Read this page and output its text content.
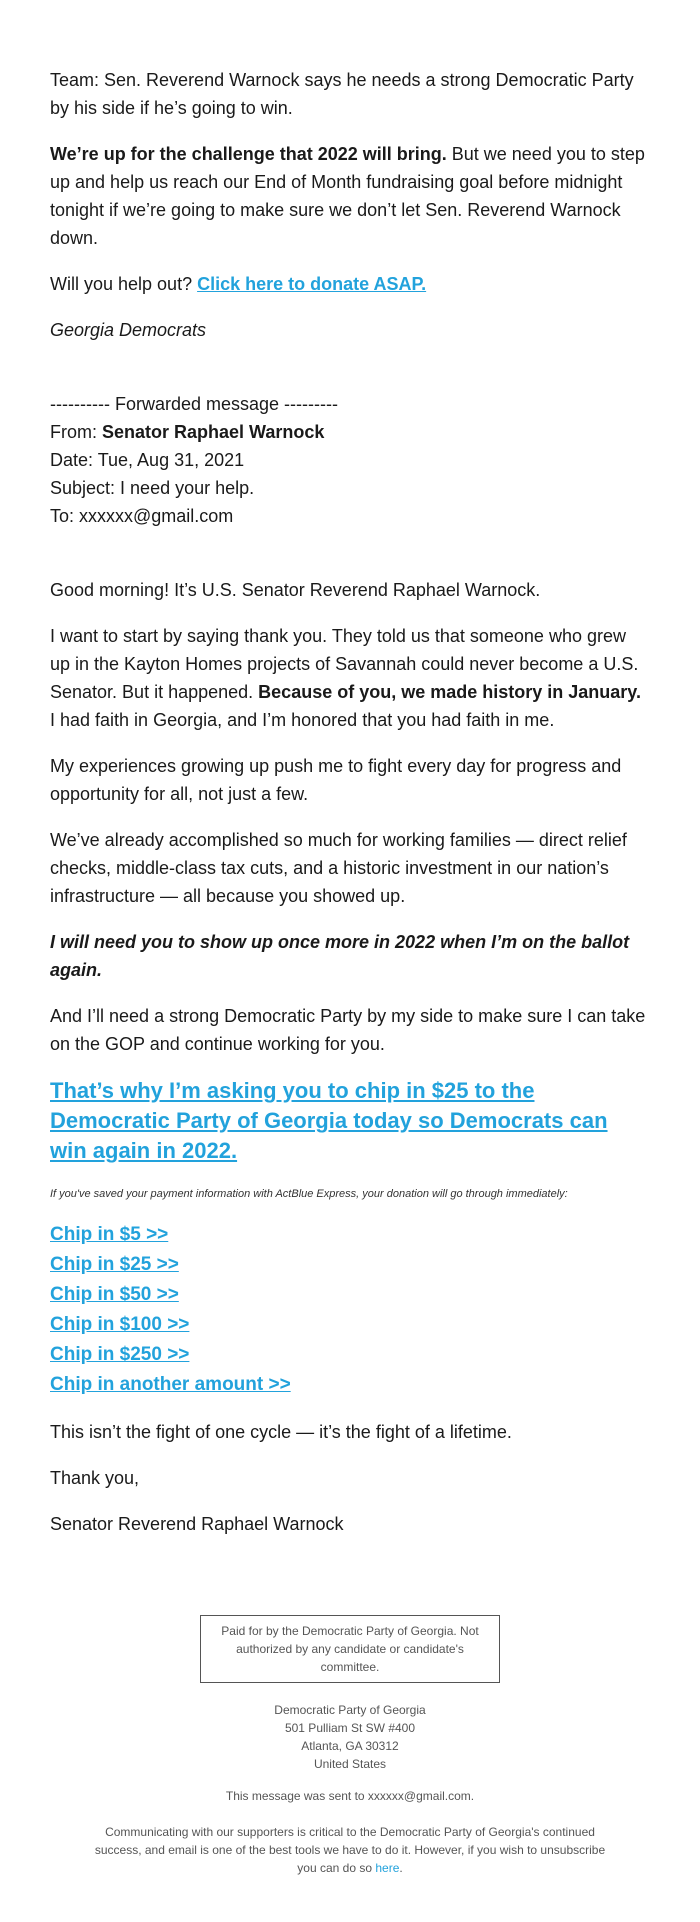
Team: Sen. Reverend Warnock says he needs a strong Democratic Party by his side if he’s going to win.

We’re up for the challenge that 2022 will bring. But we need you to step up and help us reach our End of Month fundraising goal before midnight tonight if we’re going to make sure we don’t let Sen. Reverend Warnock down.

Will you help out? Click here to donate ASAP.

Georgia Democrats

---------- Forwarded message ---------
From: Senator Raphael Warnock
Date: Tue, Aug 31, 2021
Subject: I need your help.
To: xxxxxx@gmail.com

Good morning! It’s U.S. Senator Reverend Raphael Warnock.

I want to start by saying thank you. They told us that someone who grew up in the Kayton Homes projects of Savannah could never become a U.S. Senator. But it happened. Because of you, we made history in January. I had faith in Georgia, and I’m honored that you had faith in me.

My experiences growing up push me to fight every day for progress and opportunity for all, not just a few.

We’ve already accomplished so much for working families — direct relief checks, middle-class tax cuts, and a historic investment in our nation’s infrastructure — all because you showed up.

I will need you to show up once more in 2022 when I’m on the ballot again.

And I’ll need a strong Democratic Party by my side to make sure I can take on the GOP and continue working for you.

That’s why I’m asking you to chip in $25 to the Democratic Party of Georgia today so Democrats can win again in 2022.

If you've saved your payment information with ActBlue Express, your donation will go through immediately:

Chip in $5 >>
Chip in $25 >>
Chip in $50 >>
Chip in $100 >>
Chip in $250 >>
Chip in another amount >>

This isn’t the fight of one cycle — it’s the fight of a lifetime.

Thank you,

Senator Reverend Raphael Warnock

Paid for by the Democratic Party of Georgia. Not authorized by any candidate or candidate's committee.
Democratic Party of Georgia
501 Pulliam St SW #400
Atlanta, GA 30312
United States
This message was sent to xxxxxx@gmail.com.
Communicating with our supporters is critical to the Democratic Party of Georgia's continued success, and email is one of the best tools we have to do it. However, if you wish to unsubscribe you can do so here.
